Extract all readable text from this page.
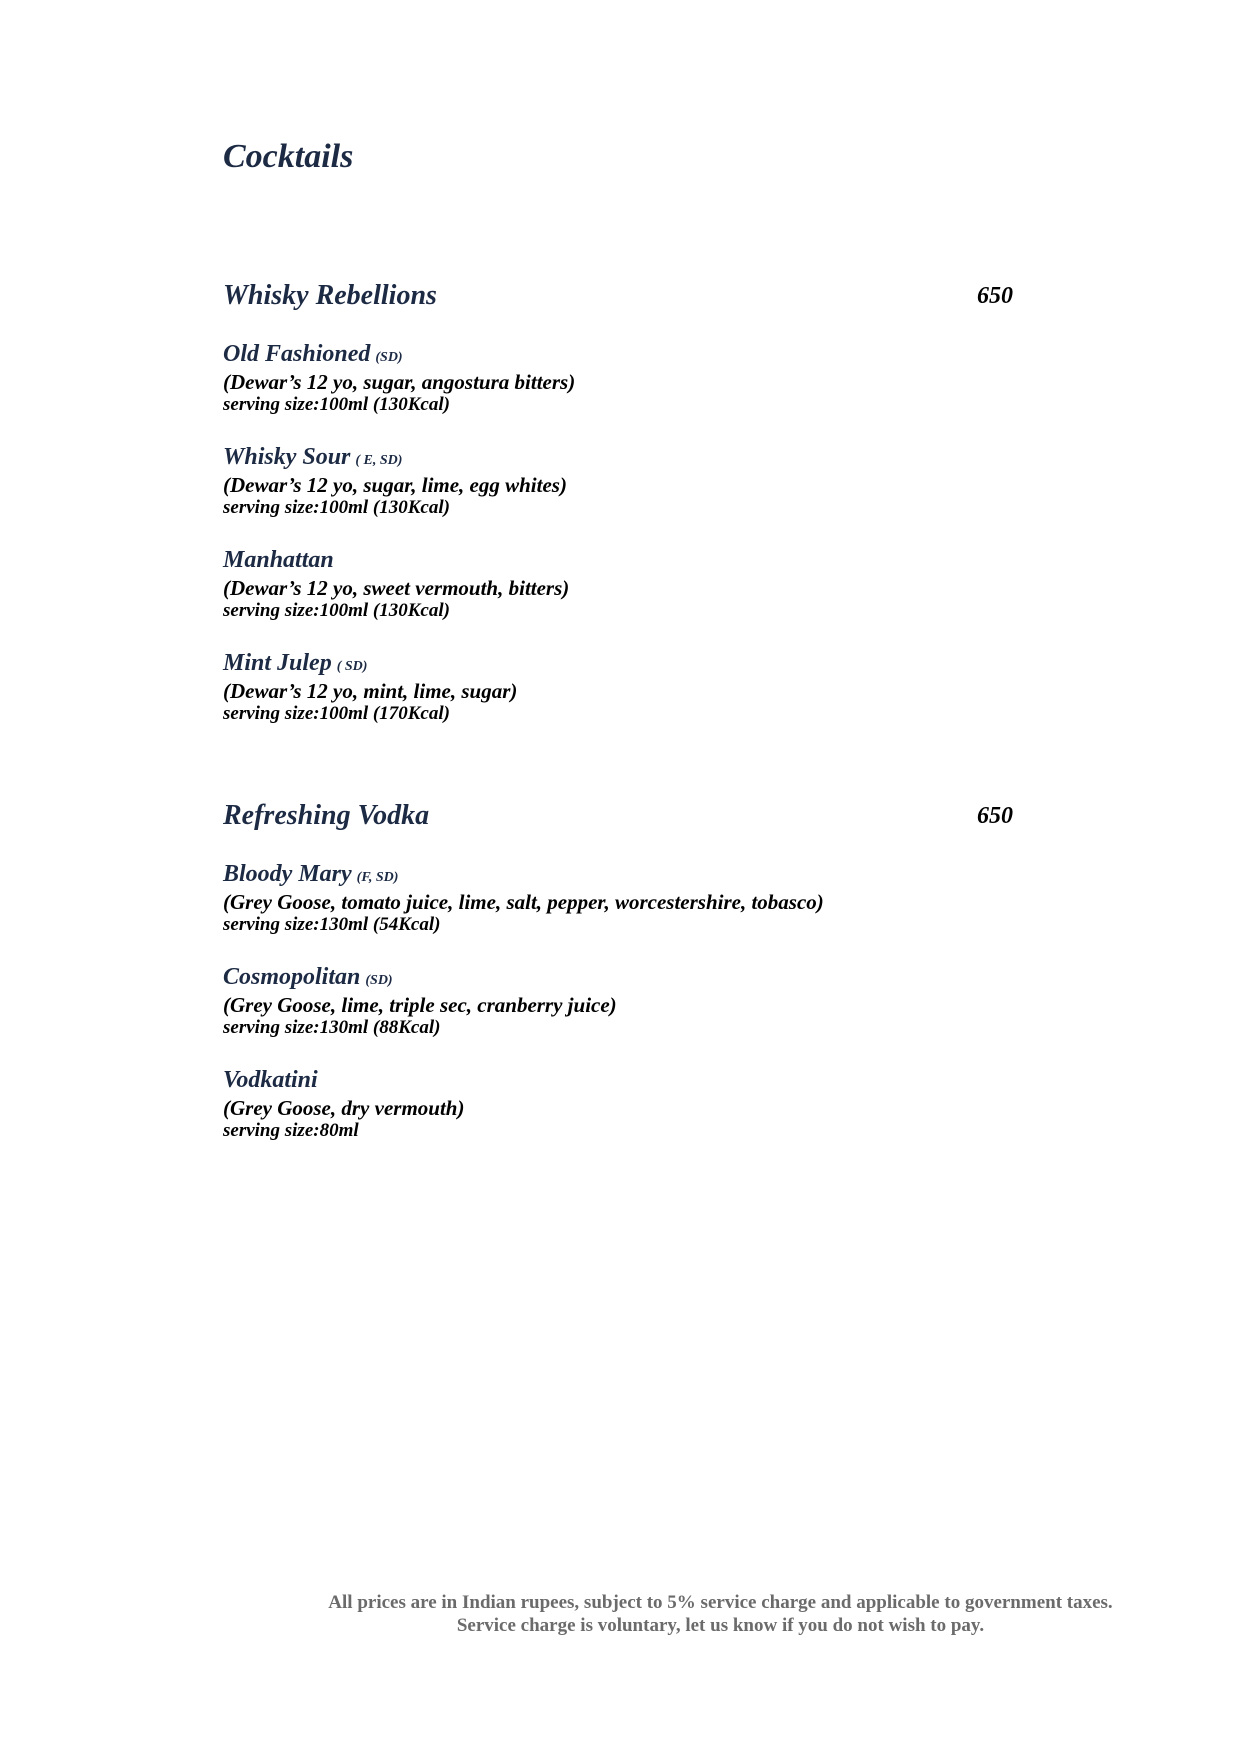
Cocktails
Whisky Rebellions	650
Old Fashioned (SD)
(Dewar’s 12 yo, sugar, angostura bitters)
serving size:100ml (130Kcal)
Whisky Sour ( E, SD)
(Dewar’s 12 yo, sugar, lime, egg whites)
serving size:100ml (130Kcal)
Manhattan
(Dewar’s 12 yo, sweet vermouth, bitters)
serving size:100ml (130Kcal)
Mint Julep ( SD)
(Dewar’s 12 yo, mint, lime, sugar)
serving size:100ml (170Kcal)
Refreshing Vodka	650
Bloody Mary (F, SD)
(Grey Goose, tomato juice, lime, salt, pepper, worcestershire, tobasco)
serving size:130ml (54Kcal)
Cosmopolitan (SD)
(Grey Goose, lime, triple sec, cranberry juice)
serving size:130ml (88Kcal)
Vodkatini
(Grey Goose, dry vermouth)
serving size:80ml
All prices are in Indian rupees, subject to 5% service charge and applicable to government taxes.
Service charge is voluntary, let us know if you do not wish to pay.
